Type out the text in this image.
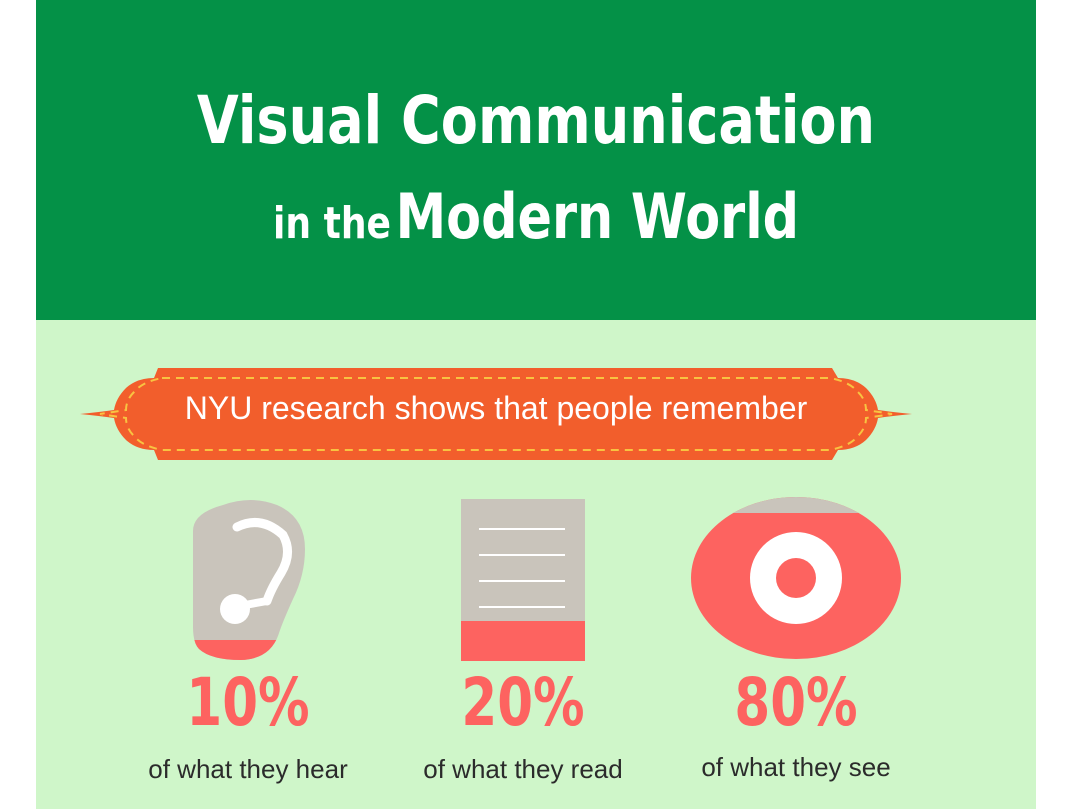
Visual Communication
in the Modern World
NYU research shows that people remember
10%
of what they hear
20%
of what they read
80%
of what they see
